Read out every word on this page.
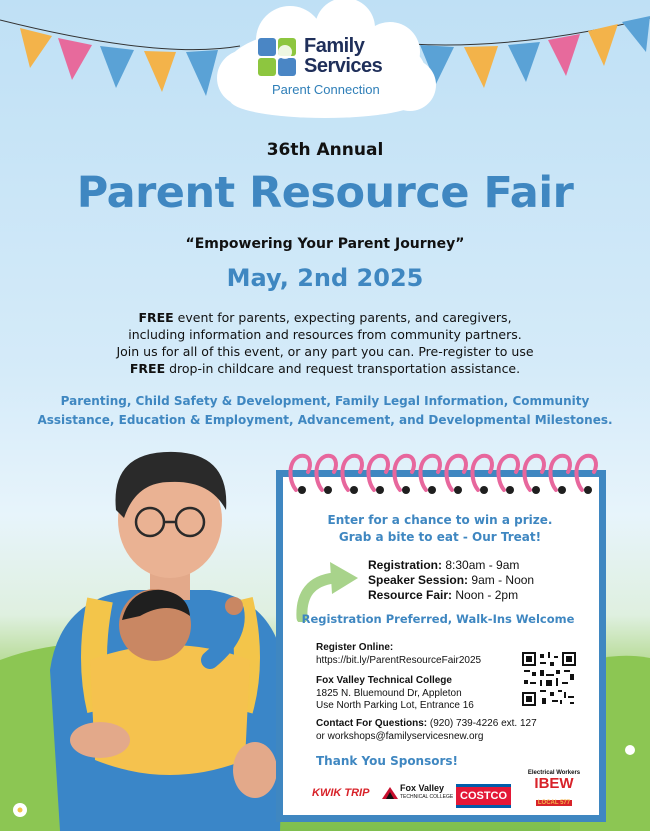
Family
Services
Parent Connection
36th Annual
Parent Resource Fair
“Empowering Your Parent Journey”
May, 2nd 2025
FREE event for parents, expecting parents, and caregivers,
including information and resources from community partners.
Join us for all of this event, or any part you can. Pre-register to use
FREE drop-in childcare and request transportation assistance.
Parenting, Child Safety & Development, Family Legal Information, Community
Assistance, Education & Employment, Advancement, and Developmental Milestones.
Enter for a chance to win a prize.
Grab a bite to eat - Our Treat!
Registration: 8:30am - 9am
Speaker Session: 9am - Noon
Resource Fair: Noon - 2pm
Registration Preferred, Walk-Ins Welcome
Register Online:
https://bit.ly/ParentResourceFair2025
Fox Valley Technical College
1825 N. Bluemound Dr, Appleton
Use North Parking Lot, Entrance 16
Contact For Questions: (920) 739-4226 ext. 127
or workshops@familyservicesnew.org
Thank You Sponsors!
KWIK TRIP	Fox Valley
TECHNICAL COLLEGE COSTCO
Electrical Workers
IBEW
LOCAL 577
